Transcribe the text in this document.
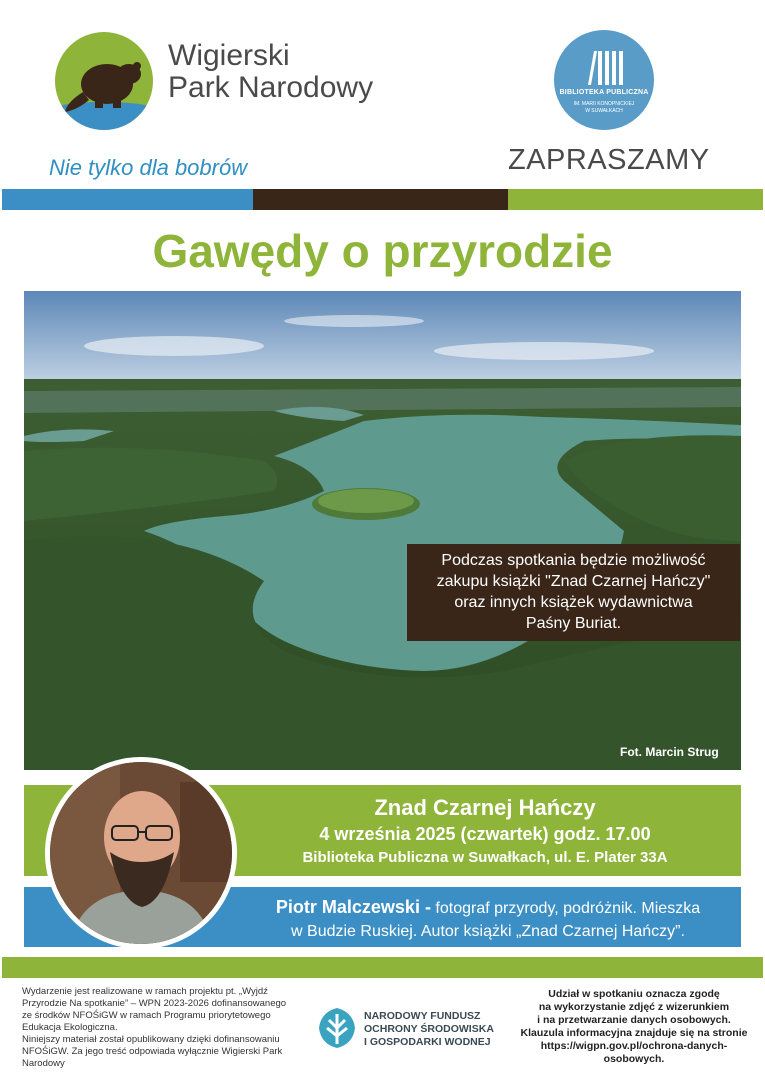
Wigierski
Park Narodowy
Nie tylko dla bobrów
BIBLIOTEKA PUBLICZNA
IM. MARII KONOPNICKIEJ
W SUWAŁKACH
ZAPRASZAMY
Gawędy o przyrodzie
Podczas spotkania będzie możliwość
zakupu książki "Znad Czarnej Hańczy"
oraz innych książek wydawnictwa
Paśny Buriat.
Fot. Marcin Strug
Znad Czarnej Hańczy
4 września 2025 (czwartek) godz. 17.00
Biblioteka Publiczna w Suwałkach, ul. E. Plater 33A
Piotr Malczewski - fotograf przyrody, podróżnik. Mieszka
w Budzie Ruskiej. Autor książki „Znad Czarnej Hańczy”.
Wydarzenie jest realizowane w ramach projektu pt. „Wyjdź Przyrodzie Na spotkanie” – WPN 2023-2026 dofinansowanego ze środków NFOŚiGW w ramach Programu priorytetowego Edukacja Ekologiczna.
Niniejszy materiał został opublikowany dzięki dofinansowaniu NFOŚiGW. Za jego treść odpowiada wyłącznie Wigierski Park Narodowy
NARODOWY FUNDUSZ
OCHRONY ŚRODOWISKA
I GOSPODARKI WODNEJ
Udział w spotkaniu oznacza zgodę
na wykorzystanie zdjęć z wizerunkiem
i na przetwarzanie danych osobowych.
Klauzula informacyjna znajduje się na stronie
https://wigpn.gov.pl/ochrona-danych-
osobowych.
